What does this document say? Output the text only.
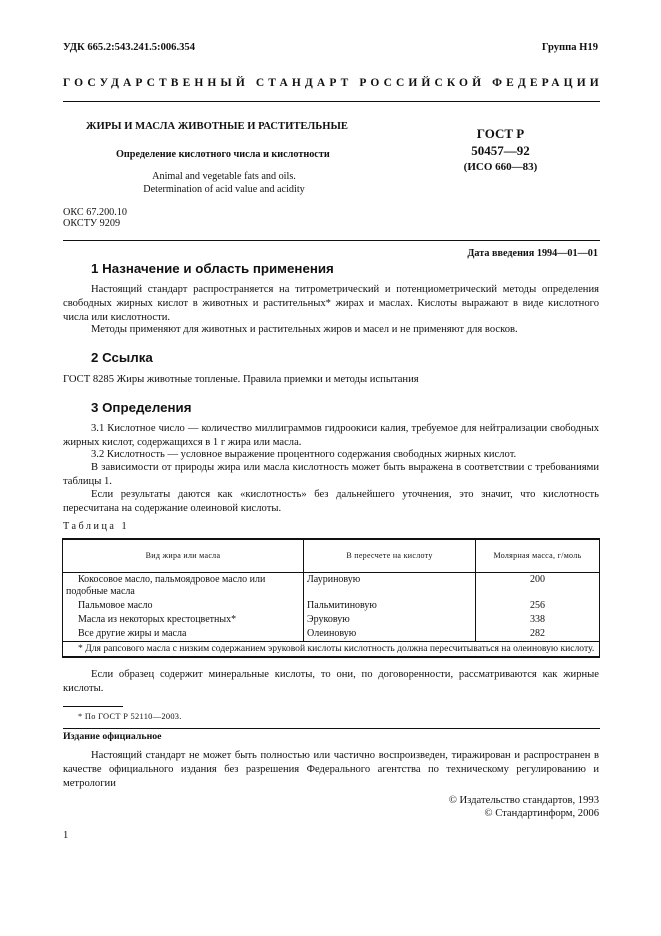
УДК 665.2:543.241.5:006.354	Группа Н19
ГОСУДАРСТВЕННЫЙ СТАНДАРТ РОССИЙСКОЙ ФЕДЕРАЦИИ
ЖИРЫ И МАСЛА ЖИВОТНЫЕ И РАСТИТЕЛЬНЫЕ
Определение кислотного числа и кислотности
Animal and vegetable fats and oils.
Determination of acid value and acidity
ГОСТ Р
50457—92
(ИСО 660—83)
ОКС 67.200.10
ОКСТУ 9209
Дата введения 1994—01—01
1 Назначение и область применения
Настоящий стандарт распространяется на титрометрический и потенциометрический методы определения свободных жирных кислот в животных и растительных* жирах и маслах. Кислоты выражают в виде кислотного числа или кислотности.
Методы применяют для животных и растительных жиров и масел и не применяют для восков.
2 Ссылка
ГОСТ 8285 Жиры животные топленые. Правила приемки и методы испытания
3 Определения
3.1 Кислотное число — количество миллиграммов гидроокиси калия, требуемое для нейтрализации свободных жирных кислот, содержащихся в 1 г жира или масла.
3.2 Кислотность — условное выражение процентного содержания свободных жирных кислот.
В зависимости от природы жира или масла кислотность может быть выражена в соответствии с требованиями таблицы 1.
Если результаты даются как «кислотность» без дальнейшего уточнения, это значит, что кислотность пересчитана на содержание олеиновой кислоты.
Таблица 1
Вид жира или масла	В пересчете на кислоту	Молярная масса, г/моль
Кокосовое масло, пальмоядровое масло или подобные масла	Лауриновую	200
Пальмовое масло	Пальмитиновую	256
Масла из некоторых крестоцветных*	Эруковую	338
Все другие жиры и масла	Олеиновую	282
* Для рапсового масла с низким содержанием эруковой кислоты кислотность должна пересчитываться на олеиновую кислоту.		
Если образец содержит минеральные кислоты, то они, по договоренности, рассматриваются как жирные кислоты.
* По ГОСТ Р 52110—2003.
Издание официальное
Настоящий стандарт не может быть полностью или частично воспроизведен, тиражирован и распространен в качестве официального издания без разрешения Федерального агентства по техническому регулированию и метрологии
© Издательство стандартов, 1993
© Стандартинформ, 2006
1
